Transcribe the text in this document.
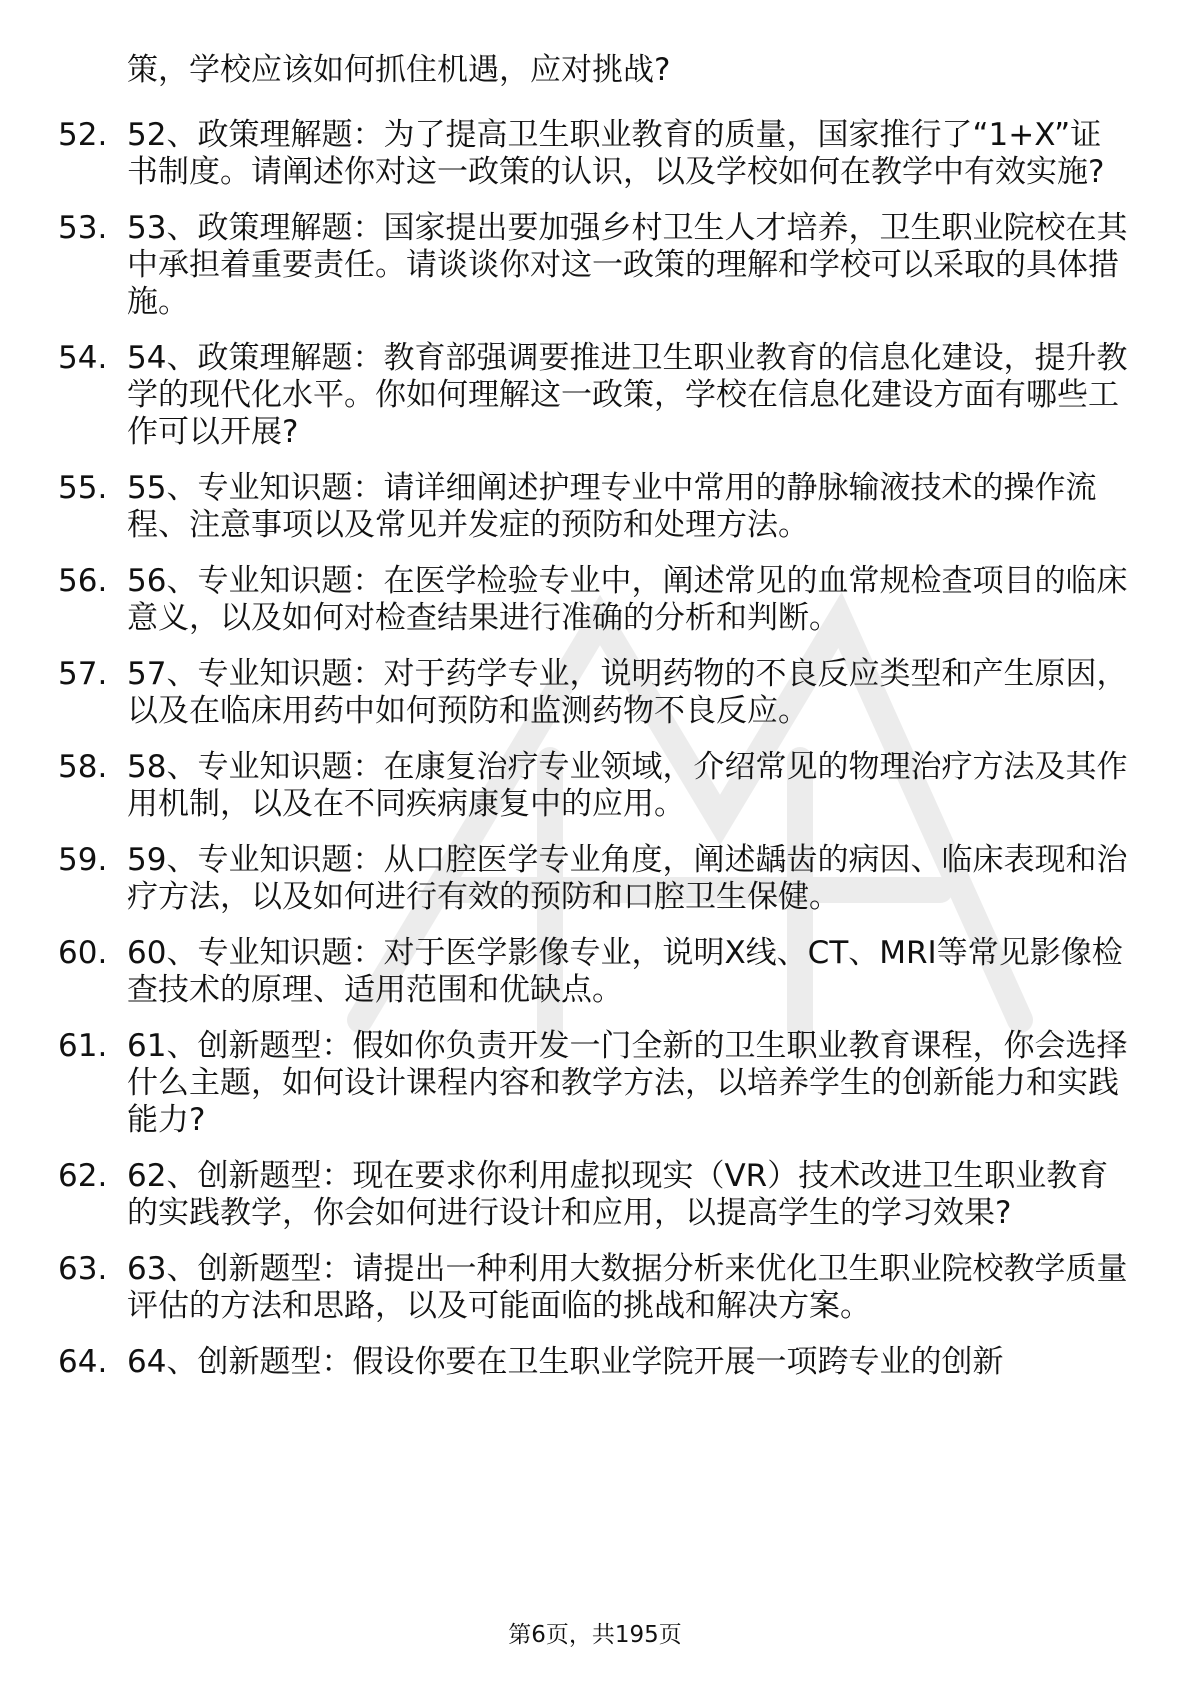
策，学校应该如何抓住机遇，应对挑战?
52. 52、政策理解题：为了提高卫生职业教育的质量，国家推行了“1+X”证书制度。请阐述你对这一政策的认识，以及学校如何在教学中有效实施?
53. 53、政策理解题：国家提出要加强乡村卫生人才培养，卫生职业院校在其中承担着重要责任。请谈谈你对这一政策的理解和学校可以采取的具体措施。
54. 54、政策理解题：教育部强调要推进卫生职业教育的信息化建设，提升教学的现代化水平。你如何理解这一政策，学校在信息化建设方面有哪些工作可以开展?
55. 55、专业知识题：请详细阐述护理专业中常用的静脉输液技术的操作流程、注意事项以及常见并发症的预防和处理方法。
56. 56、专业知识题：在医学检验专业中，阐述常见的血常规检查项目的临床意义，以及如何对检查结果进行准确的分析和判断。
57. 57、专业知识题：对于药学专业，说明药物的不良反应类型和产生原因，以及在临床用药中如何预防和监测药物不良反应。
58. 58、专业知识题：在康复治疗专业领域，介绍常见的物理治疗方法及其作用机制，以及在不同疾病康复中的应用。
59. 59、专业知识题：从口腔医学专业角度，阐述龋齿的病因、临床表现和治疗方法，以及如何进行有效的预防和口腔卫生保健。
60. 60、专业知识题：对于医学影像专业，说明X线、CT、MRI等常见影像检查技术的原理、适用范围和优缺点。
61. 61、创新题型：假如你负责开发一门全新的卫生职业教育课程，你会选择什么主题，如何设计课程内容和教学方法，以培养学生的创新能力和实践能力?
62. 62、创新题型：现在要求你利用虚拟现实（VR）技术改进卫生职业教育的实践教学，你会如何进行设计和应用，以提高学生的学习效果?
63. 63、创新题型：请提出一种利用大数据分析来优化卫生职业院校教学质量评估的方法和思路，以及可能面临的挑战和解决方案。
64. 64、创新题型：假设你要在卫生职业学院开展一项跨专业的创新
第6页，共195页
